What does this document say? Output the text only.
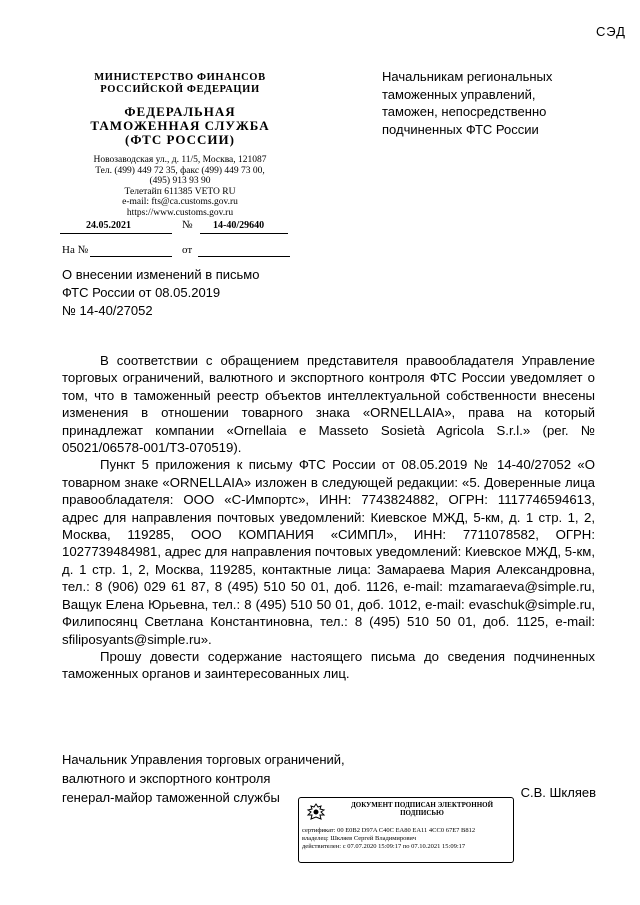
СЭД
МИНИСТЕРСТВО ФИНАНСОВ
РОССИЙСКОЙ ФЕДЕРАЦИИ
ФЕДЕРАЛЬНАЯ
ТАМОЖЕННАЯ СЛУЖБА
(ФТС РОССИИ)
Новозаводская ул., д. 11/5, Москва, 121087
Тел. (499) 449 72 35, факс (499) 449 73 00,
(495) 913 93 90
Телетайп 611385 VETO RU
e-mail: fts@ca.customs.gov.ru
https://www.customs.gov.ru
24.05.2021	№ 14-40/29640
На №	от
Начальникам региональных
таможенных управлений,
таможен, непосредственно
подчиненных ФТС России
О внесении изменений в письмо
ФТС России от 08.05.2019
№ 14-40/27052

В соответствии с обращением представителя правообладателя Управление торговых ограничений, валютного и экспортного контроля ФТС России уведомляет о том, что в таможенный реестр объектов интеллектуальной собственности внесены изменения в отношении товарного знака «ORNELLAIA», права на который принадлежат компании «Ornellaia e Masseto Sosietà Agricola S.r.l.» (рег. № 05021/06578-001/ТЗ-070519).

Пункт 5 приложения к письму ФТС России от 08.05.2019 № 14-40/27052 «О товарном знаке «ORNELLAIA» изложен в следующей редакции: «5. Доверенные лица правообладателя: ООО «С-Импортс», ИНН: 7743824882, ОГРН: 1117746594613, адрес для направления почтовых уведомлений: Киевское МЖД, 5-км, д. 1 стр. 1, 2, Москва, 119285, ООО КОМПАНИЯ «СИМПЛ», ИНН: 7711078582, ОГРН: 1027739484981, адрес для направления почтовых уведомлений: Киевское МЖД, 5-км, д. 1 стр. 1, 2, Москва, 119285, контактные лица: Замараева Мария Александровна, тел.: 8 (906) 029 61 87, 8 (495) 510 50 01, доб. 1126, e-mail: mzamaraeva@simple.ru, Ващук Елена Юрьевна, тел.: 8 (495) 510 50 01, доб. 1012, e-mail: evaschuk@simple.ru, Филипосянц Светлана Константиновна, тел.: 8 (495) 510 50 01, доб. 1125, e-mail: sfiliposyants@simple.ru».

Прошу довести содержание настоящего письма до сведения подчиненных таможенных органов и заинтересованных лиц.

Начальник Управления торговых ограничений,
валютного и экспортного контроля
генерал-майор таможенной службы	С.В. Шкляев
ДОКУМЕНТ ПОДПИСАН ЭЛЕКТРОННОЙ ПОДПИСЬЮ
сертификат: 00 E0B2 D97A C40C EA80 EA11 4CC0 67E7 B812
владелец: Шкляев Сергей Владимирович
действителен: с 07.07.2020 15:09:17 по 07.10.2021 15:09:17
